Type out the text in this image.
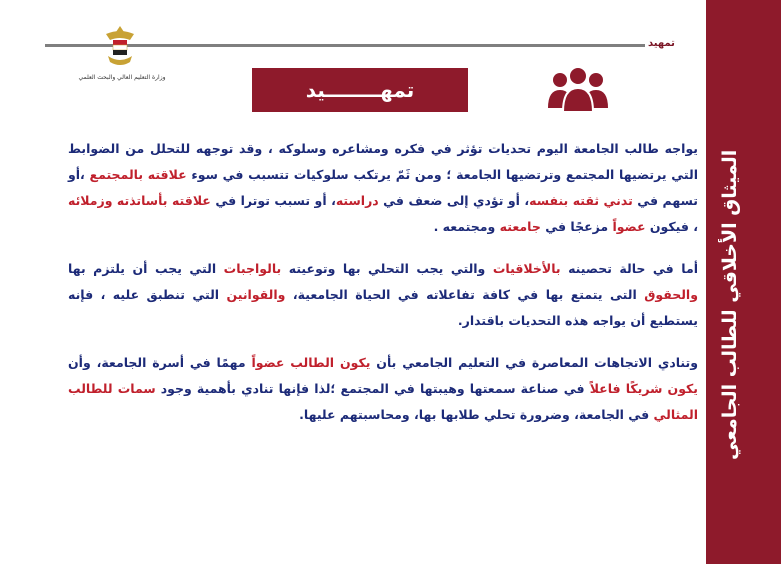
الميثاق الأخلاقي للطالب الجامعي
تمهيد
وزارة التعليم العالي والبحث العلمي
تمهــــــــيد

يواجه طالب الجامعة اليوم تحديات تؤثر في فكره ومشاعره وسلوكه ، وقد توجهه للتحلل من الضوابط التي يرتضيها المجتمع وترتضيها الجامعة ؛ ومن ثَمّ يرتكب سلوكيات تتسبب في سوء علاقته بالمجتمع ،أو تسهم في تدني ثقته بنفسه، أو تؤدي إلى ضعف في دراسته، أو تسبب توترا في علاقته بأساتذته وزملائه ، فيكون عضواً مزعجًا في جامعته ومجتمعه .

أما في حالة تحصينه بالأخلاقيات والتي يجب التحلي بها وتوعيته بالواجبات التي يجب أن يلتزم بها والحقوق التى يتمتع بها في كافة تفاعلاته في الحياة الجامعية، والقوانين التي تنطبق عليه ، فإنه يستطيع أن يواجه هذه التحديات باقتدار.

وتنادي الاتجاهات المعاصرة في التعليم الجامعي بأن يكون الطالب عضواً مهمًا في أسرة الجامعة، وأن يكون شريكًا فاعلاً في صناعة سمعتها وهيبتها في المجتمع ؛لذا فإنها تنادي بأهمية وجود سمات للطالب المثالي في الجامعة، وضرورة تحلي طلابها بها، ومحاسبتهم عليها.
